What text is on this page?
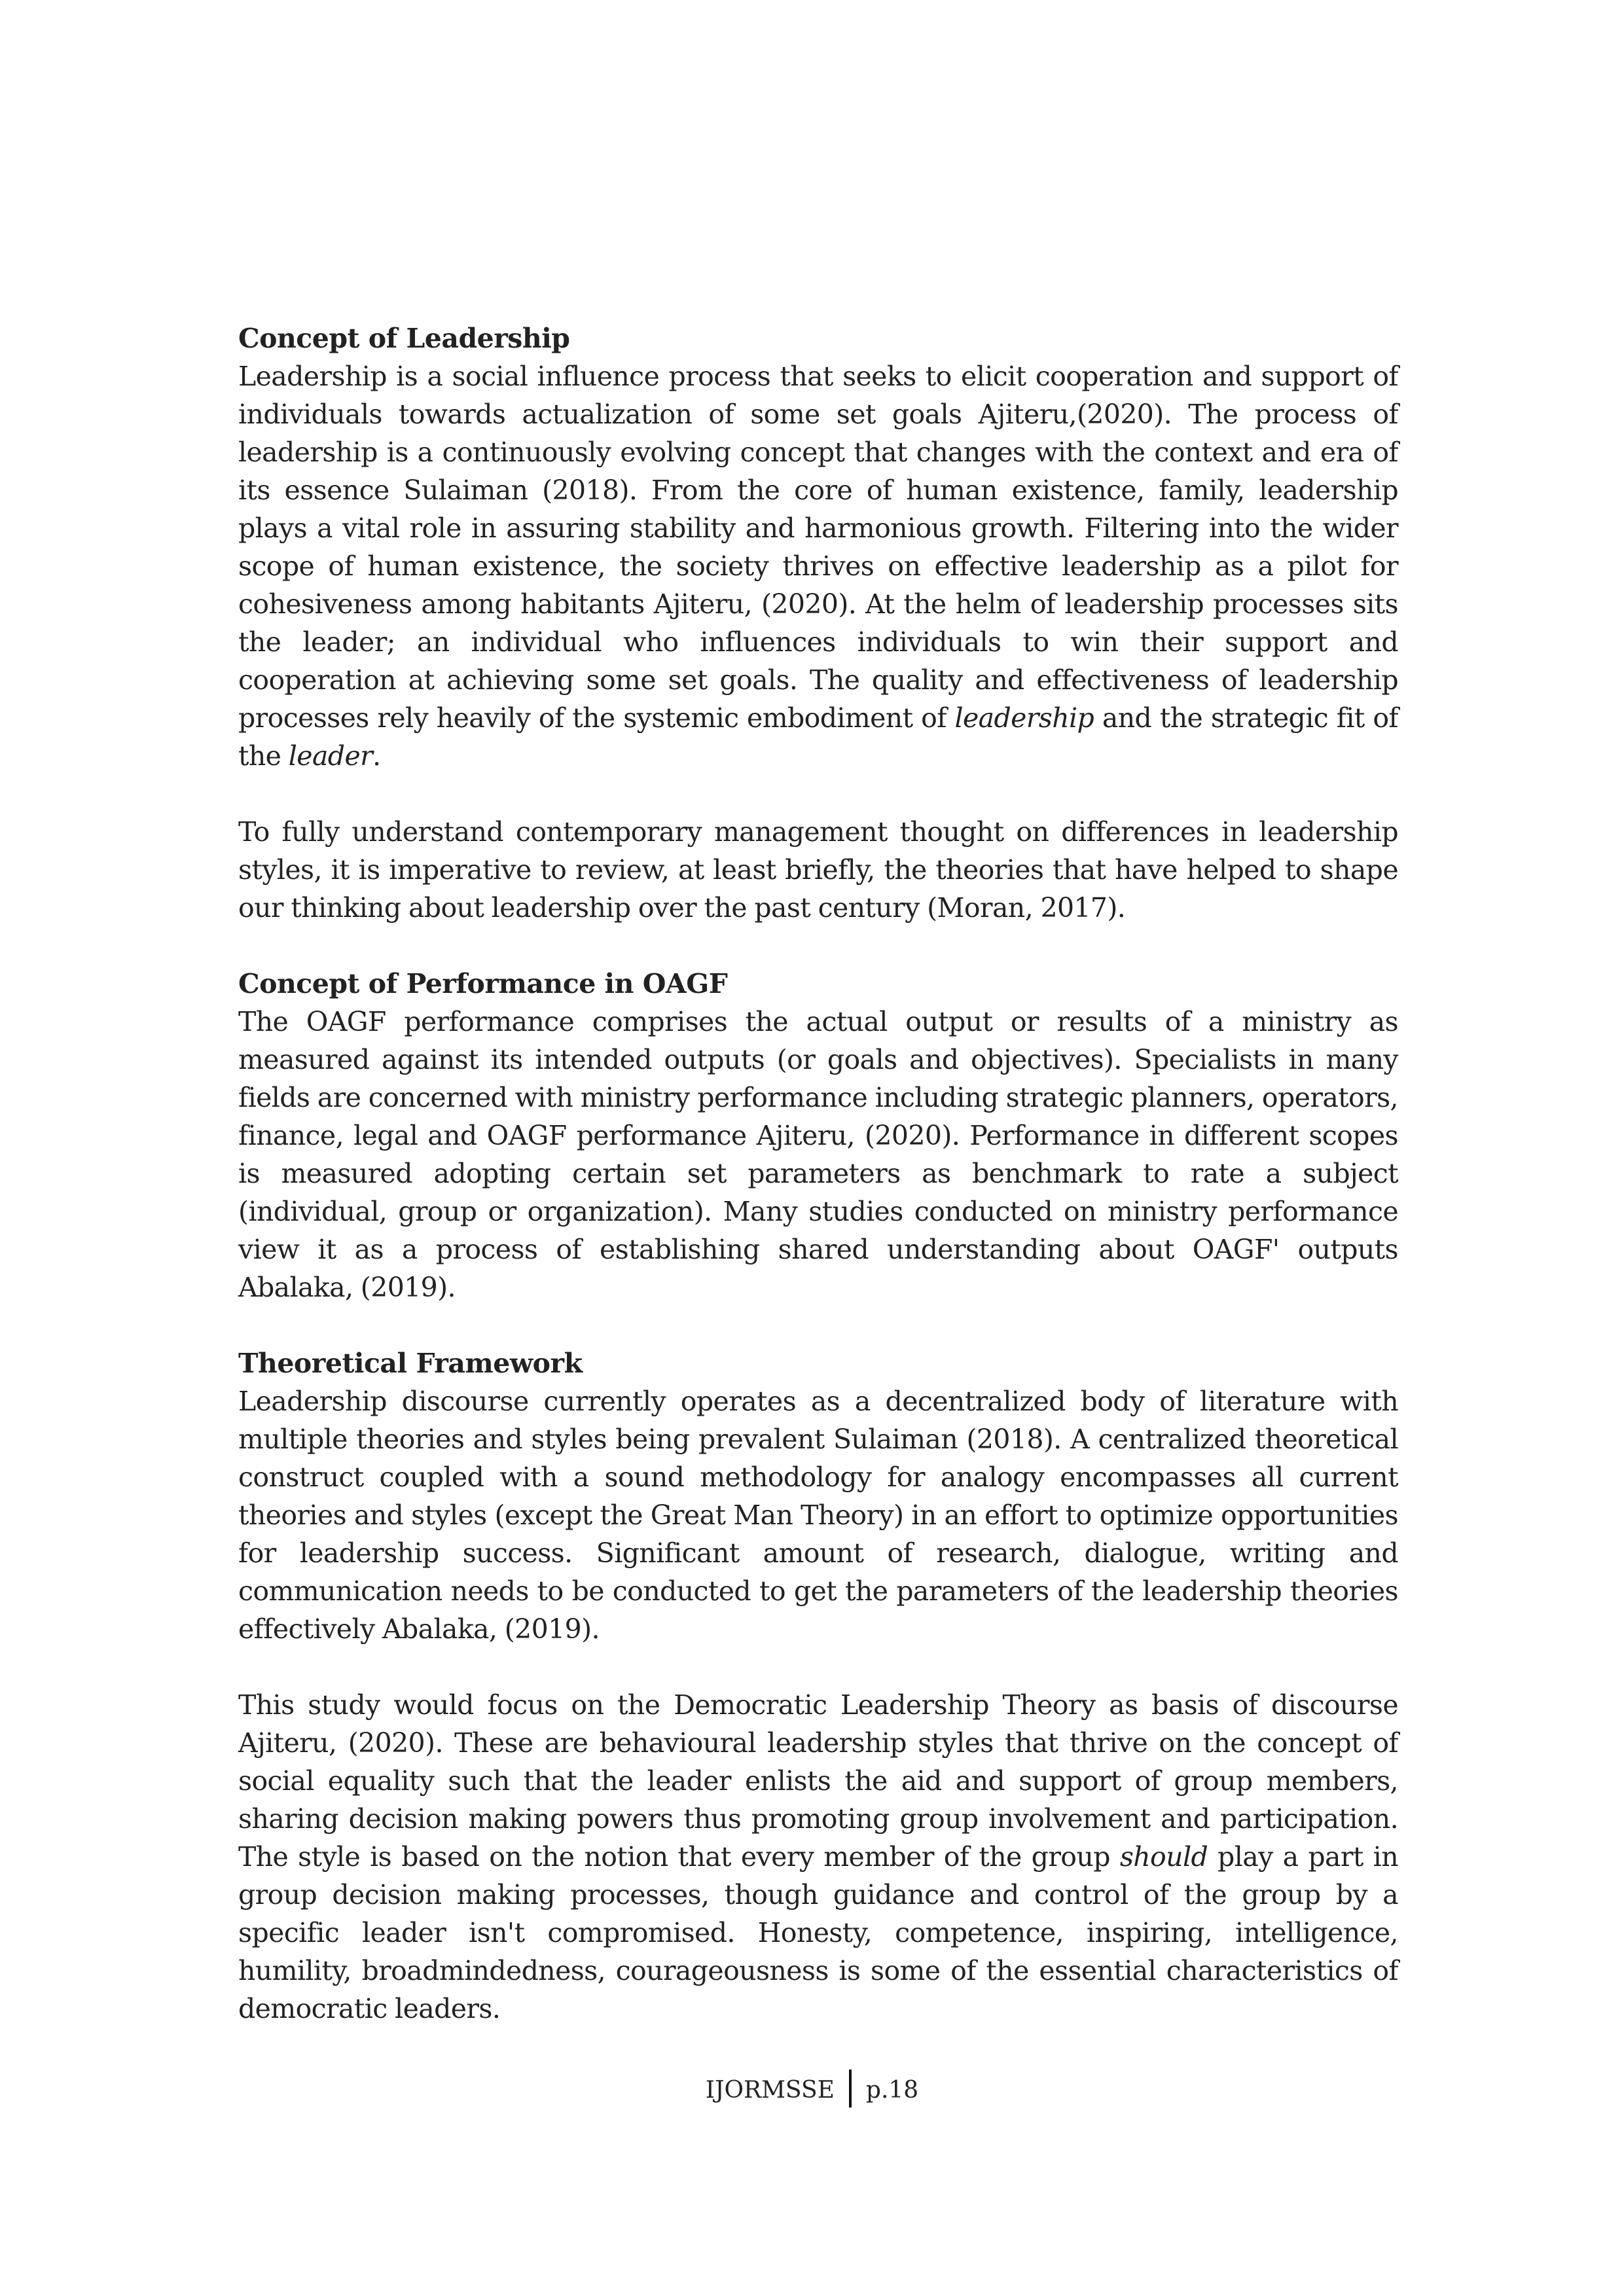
Concept of Leadership

Leadership is a social influence process that seeks to elicit cooperation and support of individuals towards actualization of some set goals Ajiteru,(2020). The process of leadership is a continuously evolving concept that changes with the context and era of its essence Sulaiman (2018). From the core of human existence, family, leadership plays a vital role in assuring stability and harmonious growth. Filtering into the wider scope of human existence, the society thrives on effective leadership as a pilot for cohesiveness among habitants Ajiteru, (2020). At the helm of leadership processes sits the leader; an individual who influences individuals to win their support and cooperation at achieving some set goals. The quality and effectiveness of leadership processes rely heavily of the systemic embodiment of leadership and the strategic fit of the leader.

To fully understand contemporary management thought on differences in leadership styles, it is imperative to review, at least briefly, the theories that have helped to shape our thinking about leadership over the past century (Moran, 2017).

Concept of Performance in OAGF

The OAGF performance comprises the actual output or results of a ministry as measured against its intended outputs (or goals and objectives). Specialists in many fields are concerned with ministry performance including strategic planners, operators, finance, legal and OAGF performance Ajiteru, (2020). Performance in different scopes is measured adopting certain set parameters as benchmark to rate a subject (individual, group or organization). Many studies conducted on ministry performance view it as a process of establishing shared understanding about OAGF' outputs Abalaka, (2019).

Theoretical Framework

Leadership discourse currently operates as a decentralized body of literature with multiple theories and styles being prevalent Sulaiman (2018). A centralized theoretical construct coupled with a sound methodology for analogy encompasses all current theories and styles (except the Great Man Theory) in an effort to optimize opportunities for leadership success. Significant amount of research, dialogue, writing and communication needs to be conducted to get the parameters of the leadership theories effectively Abalaka, (2019).

This study would focus on the Democratic Leadership Theory as basis of discourse Ajiteru, (2020). These are behavioural leadership styles that thrive on the concept of social equality such that the leader enlists the aid and support of group members, sharing decision making powers thus promoting group involvement and participation. The style is based on the notion that every member of the group should play a part in group decision making processes, though guidance and control of the group by a specific leader isn't compromised. Honesty, competence, inspiring, intelligence, humility, broadmindedness, courageousness is some of the essential characteristics of democratic leaders.

IJORMSSE p.18
